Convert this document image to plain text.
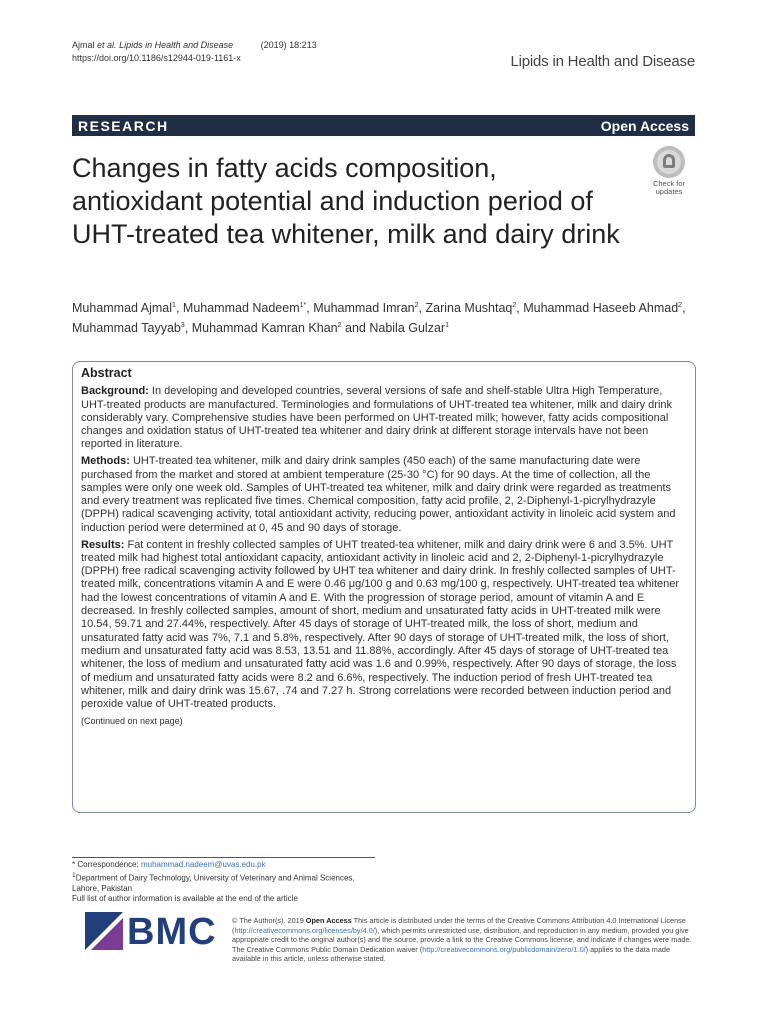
Ajmal et al. Lipids in Health and Disease	(2019) 18:213
https://doi.org/10.1186/s12944-019-1161-x	Lipids in Health and Disease
RESEARCH	Open Access
Changes in fatty acids composition, antioxidant potential and induction period of UHT-treated tea whitener, milk and dairy drink
Check for
updates
Muhammad Ajmal$^1$, Muhammad Nadeem$^{1*}$, Muhammad Imran$^2$, Zarina Mushtaq$^2$, Muhammad Haseeb Ahmad$^2$, Muhammad Tayyab$^3$, Muhammad Kamran Khan$^2$ and Nabila Gulzar$^1$
Abstract

Background: In developing and developed countries, several versions of safe and shelf-stable Ultra High Temperature, UHT-treated products are manufactured. Terminologies and formulations of UHT-treated tea whitener, milk and dairy drink considerably vary. Comprehensive studies have been performed on UHT-treated milk; however, fatty acids compositional changes and oxidation status of UHT-treated tea whitener and dairy drink at different storage intervals have not been reported in literature.

Methods: UHT-treated tea whitener, milk and dairy drink samples (450 each) of the same manufacturing date were purchased from the market and stored at ambient temperature (25-30 °C) for 90 days. At the time of collection, all the samples were only one week old. Samples of UHT-treated tea whitener, milk and dairy drink were regarded as treatments and every treatment was replicated five times. Chemical composition, fatty acid profile, 2, 2-Diphenyl-1-picrylhydrazyle (DPPH) radical scavenging activity, total antioxidant activity, reducing power, antioxidant activity in linoleic acid system and induction period were determined at 0, 45 and 90 days of storage.

Results: Fat content in freshly collected samples of UHT treated-tea whitener, milk and dairy drink were 6 and 3.5%. UHT treated milk had highest total antioxidant capacity, antioxidant activity in linoleic acid and 2, 2-Diphenyl-1-picrylhydrazyle (DPPH) free radical scavenging activity followed by UHT tea whitener and dairy drink. In freshly collected samples of UHT-treated milk, concentrations vitamin A and E were 0.46 μg/100 g and 0.63 mg/100 g, respectively. UHT-treated tea whitener had the lowest concentrations of vitamin A and E. With the progression of storage period, amount of vitamin A and E decreased. In freshly collected samples, amount of short, medium and unsaturated fatty acids in UHT-treated milk were 10.54, 59.71 and 27.44%, respectively. After 45 days of storage of UHT-treated milk, the loss of short, medium and unsaturated fatty acid was 7%, 7.1 and 5.8%, respectively. After 90 days of storage of UHT-treated milk, the loss of short, medium and unsaturated fatty acid was 8.53, 13.51 and 11.88%, accordingly. After 45 days of storage of UHT-treated tea whitener, the loss of medium and unsaturated fatty acid was 1.6 and 0.99%, respectively. After 90 days of storage, the loss of medium and unsaturated fatty acids were 8.2 and 6.6%, respectively. The induction period of fresh UHT-treated tea whitener, milk and dairy drink was 15.67, .74 and 7.27 h. Strong correlations were recorded between induction period and peroxide value of UHT-treated products.

(Continued on next page)
* Correspondence: muhammad.nadeem@uvas.edu.pk
$^1$Department of Dairy Technology, University of Veterinary and Animal Sciences, Lahore, Pakistan
Full list of author information is available at the end of the article
BMC © The Author(s). 2019 Open Access This article is distributed under the terms of the Creative Commons Attribution 4.0 International License (http://creativecommons.org/licenses/by/4.0/), which permits unrestricted use, distribution, and reproduction in any medium, provided you give appropriate credit to the original author(s) and the source, provide a link to the Creative Commons license, and indicate if changes were made. The Creative Commons Public Domain Dedication waiver (http://creativecommons.org/publicdomain/zero/1.0/) applies to the data made available in this article, unless otherwise stated.
